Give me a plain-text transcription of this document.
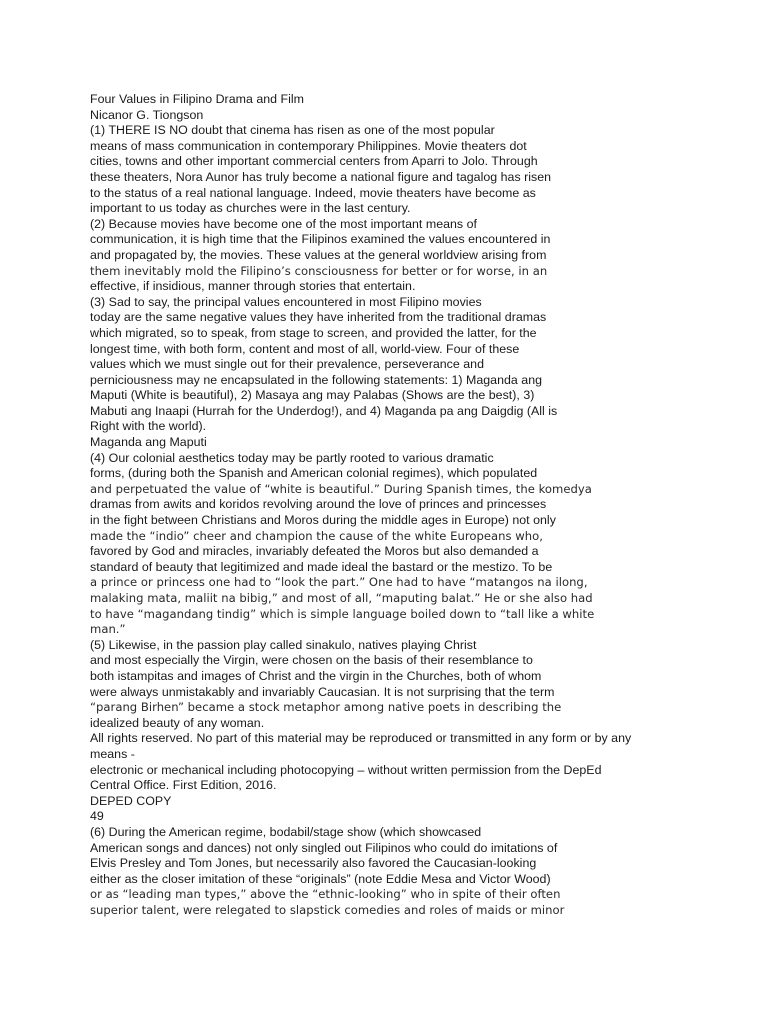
Four Values in Filipino Drama and Film
Nicanor G. Tiongson
(1) THERE IS NO doubt that cinema has risen as one of the most popular
means of mass communication in contemporary Philippines. Movie theaters dot
cities, towns and other important commercial centers from Aparri to Jolo. Through
these theaters, Nora Aunor has truly become a national figure and tagalog has risen
to the status of a real national language. Indeed, movie theaters have become as
important to us today as churches were in the last century.
(2) Because movies have become one of the most important means of
communication, it is high time that the Filipinos examined the values encountered in
and propagated by, the movies. These values at the general worldview arising from
them inevitably mold the Filipino’s consciousness for better or for worse, in an
effective, if insidious, manner through stories that entertain.
(3) Sad to say, the principal values encountered in most Filipino movies
today are the same negative values they have inherited from the traditional dramas
which migrated, so to speak, from stage to screen, and provided the latter, for the
longest time, with both form, content and most of all, world-view. Four of these
values which we must single out for their prevalence, perseverance and
perniciousness may ne encapsulated in the following statements: 1) Maganda ang
Maputi (White is beautiful), 2) Masaya ang may Palabas (Shows are the best), 3)
Mabuti ang Inaapi (Hurrah for the Underdog!), and 4) Maganda pa ang Daigdig (All is
Right with the world).
Maganda ang Maputi
(4) Our colonial aesthetics today may be partly rooted to various dramatic
forms, (during both the Spanish and American colonial regimes), which populated
and perpetuated the value of “white is beautiful.” During Spanish times, the komedya
dramas from awits and koridos revolving around the love of princes and princesses
in the fight between Christians and Moros during the middle ages in Europe) not only
made the “indio” cheer and champion the cause of the white Europeans who,
favored by God and miracles, invariably defeated the Moros but also demanded a
standard of beauty that legitimized and made ideal the bastard or the mestizo. To be
a prince or princess one had to “look the part.” One had to have “matangos na ilong,
malaking mata, maliit na bibig,” and most of all, “maputing balat.” He or she also had
to have “magandang tindig” which is simple language boiled down to “tall like a white
man.”
(5) Likewise, in the passion play called sinakulo, natives playing Christ
and most especially the Virgin, were chosen on the basis of their resemblance to
both istampitas and images of Christ and the virgin in the Churches, both of whom
were always unmistakably and invariably Caucasian. It is not surprising that the term
“parang Birhen” became a stock metaphor among native poets in describing the
idealized beauty of any woman.
All rights reserved. No part of this material may be reproduced or transmitted in any form or by any
means -
electronic or mechanical including photocopying – without written permission from the DepEd
Central Office. First Edition, 2016.
DEPED COPY
49
(6) During the American regime, bodabil/stage show (which showcased
American songs and dances) not only singled out Filipinos who could do imitations of
Elvis Presley and Tom Jones, but necessarily also favored the Caucasian-looking
either as the closer imitation of these “originals” (note Eddie Mesa and Victor Wood)
or as “leading man types,” above the “ethnic-looking” who in spite of their often
superior talent, were relegated to slapstick comedies and roles of maids or minor
